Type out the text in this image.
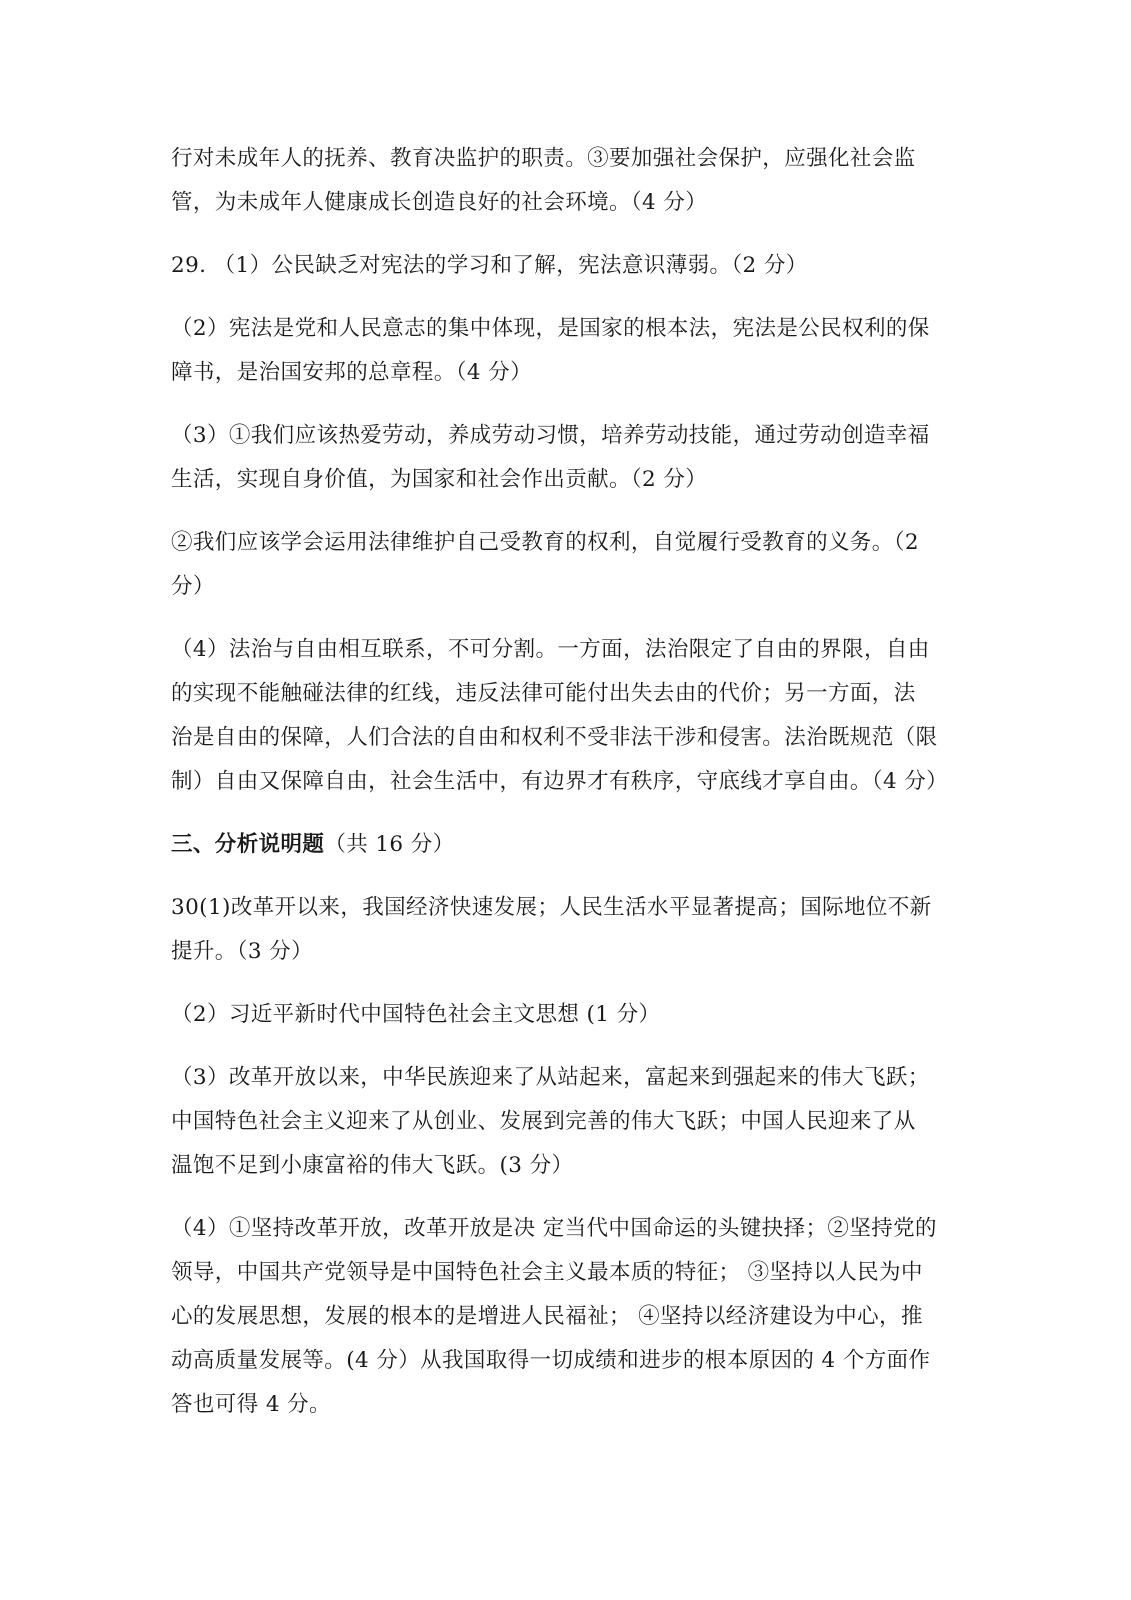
行对未成年人的抚养、教育决监护的职责。③要加强社会保护，应强化社会监
管，为未成年人健康成长创造良好的社会环境。（4 分）

29. （1）公民缺乏对宪法的学习和了解，宪法意识薄弱。（2 分）

（2）宪法是党和人民意志的集中体现，是国家的根本法，宪法是公民权利的保
障书，是治国安邦的总章程。（4 分）

（3）①我们应该热爱劳动，养成劳动习惯，培养劳动技能，通过劳动创造幸福
生活，实现自身价值，为国家和社会作出贡献。（2 分）

②我们应该学会运用法律维护自己受教育的权利，自觉履行受教育的义务。（2
分）

（4）法治与自由相互联系，不可分割。一方面，法治限定了自由的界限，自由
的实现不能触碰法律的红线，违反法律可能付出失去由的代价；另一方面，法
治是自由的保障，人们合法的自由和权利不受非法干涉和侵害。法治既规范（限
制）自由又保障自由，社会生活中，有边界才有秩序，守底线才享自由。（4 分）

三、分析说明题（共 16 分）

30(1)改革开以来，我国经济快速发展；人民生活水平显著提高；国际地位不新
提升。（3 分）

（2）习近平新时代中国特色社会主文思想 (1 分）

（3）改革开放以来，中华民族迎来了从站起来，富起来到强起来的伟大飞跃；
中国特色社会主义迎来了从创业、发展到完善的伟大飞跃；中国人民迎来了从
温饱不足到小康富裕的伟大飞跃。(3 分）

（4）①坚持改革开放，改革开放是决 定当代中国命运的头键抉择；②坚持党的
领导，中国共产党领导是中国特色社会主义最本质的特征； ③坚持以人民为中
心的发展思想，发展的根本的是增进人民福祉； ④坚持以经济建设为中心，推
动高质量发展等。(4 分）从我国取得一切成绩和进步的根本原因的 4 个方面作
答也可得 4 分。
